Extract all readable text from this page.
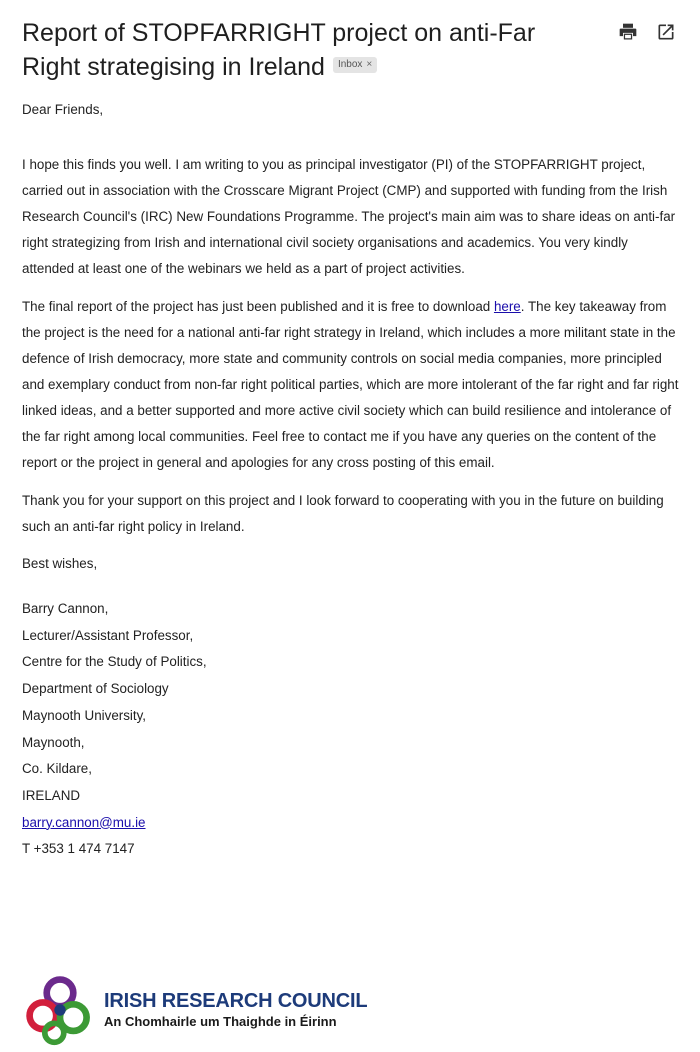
Report of STOPFARRIGHT project on anti-Far Right strategising in Ireland Inbox ×

Dear Friends,

I hope this finds you well. I am writing to you as principal investigator (PI) of the STOPFARRIGHT project, carried out in association with the Crosscare Migrant Project (CMP) and supported with funding from the Irish Research Council's (IRC) New Foundations Programme. The project's main aim was to share ideas on anti-far right strategizing from Irish and international civil society organisations and academics. You very kindly attended at least one of the webinars we held as a part of project activities.

The final report of the project has just been published and it is free to download here. The key takeaway from the project is the need for a national anti-far right strategy in Ireland, which includes a more militant state in the defence of Irish democracy, more state and community controls on social media companies, more principled and exemplary conduct from non-far right political parties, which are more intolerant of the far right and far right linked ideas, and a better supported and more active civil society which can build resilience and intolerance of the far right among local communities. Feel free to contact me if you have any queries on the content of the report or the project in general and apologies for any cross posting of this email.

Thank you for your support on this project and I look forward to cooperating with you in the future on building such an anti-far right policy in Ireland.

Best wishes,

Barry Cannon,
Lecturer/Assistant Professor,
Centre for the Study of Politics,
Department of Sociology
Maynooth University,
Maynooth,
Co. Kildare,
IRELAND
barry.cannon@mu.ie
T +353 1 474 7147
IRISH RESEARCH COUNCIL
An Chomhairle um Thaighde in Éirinn
